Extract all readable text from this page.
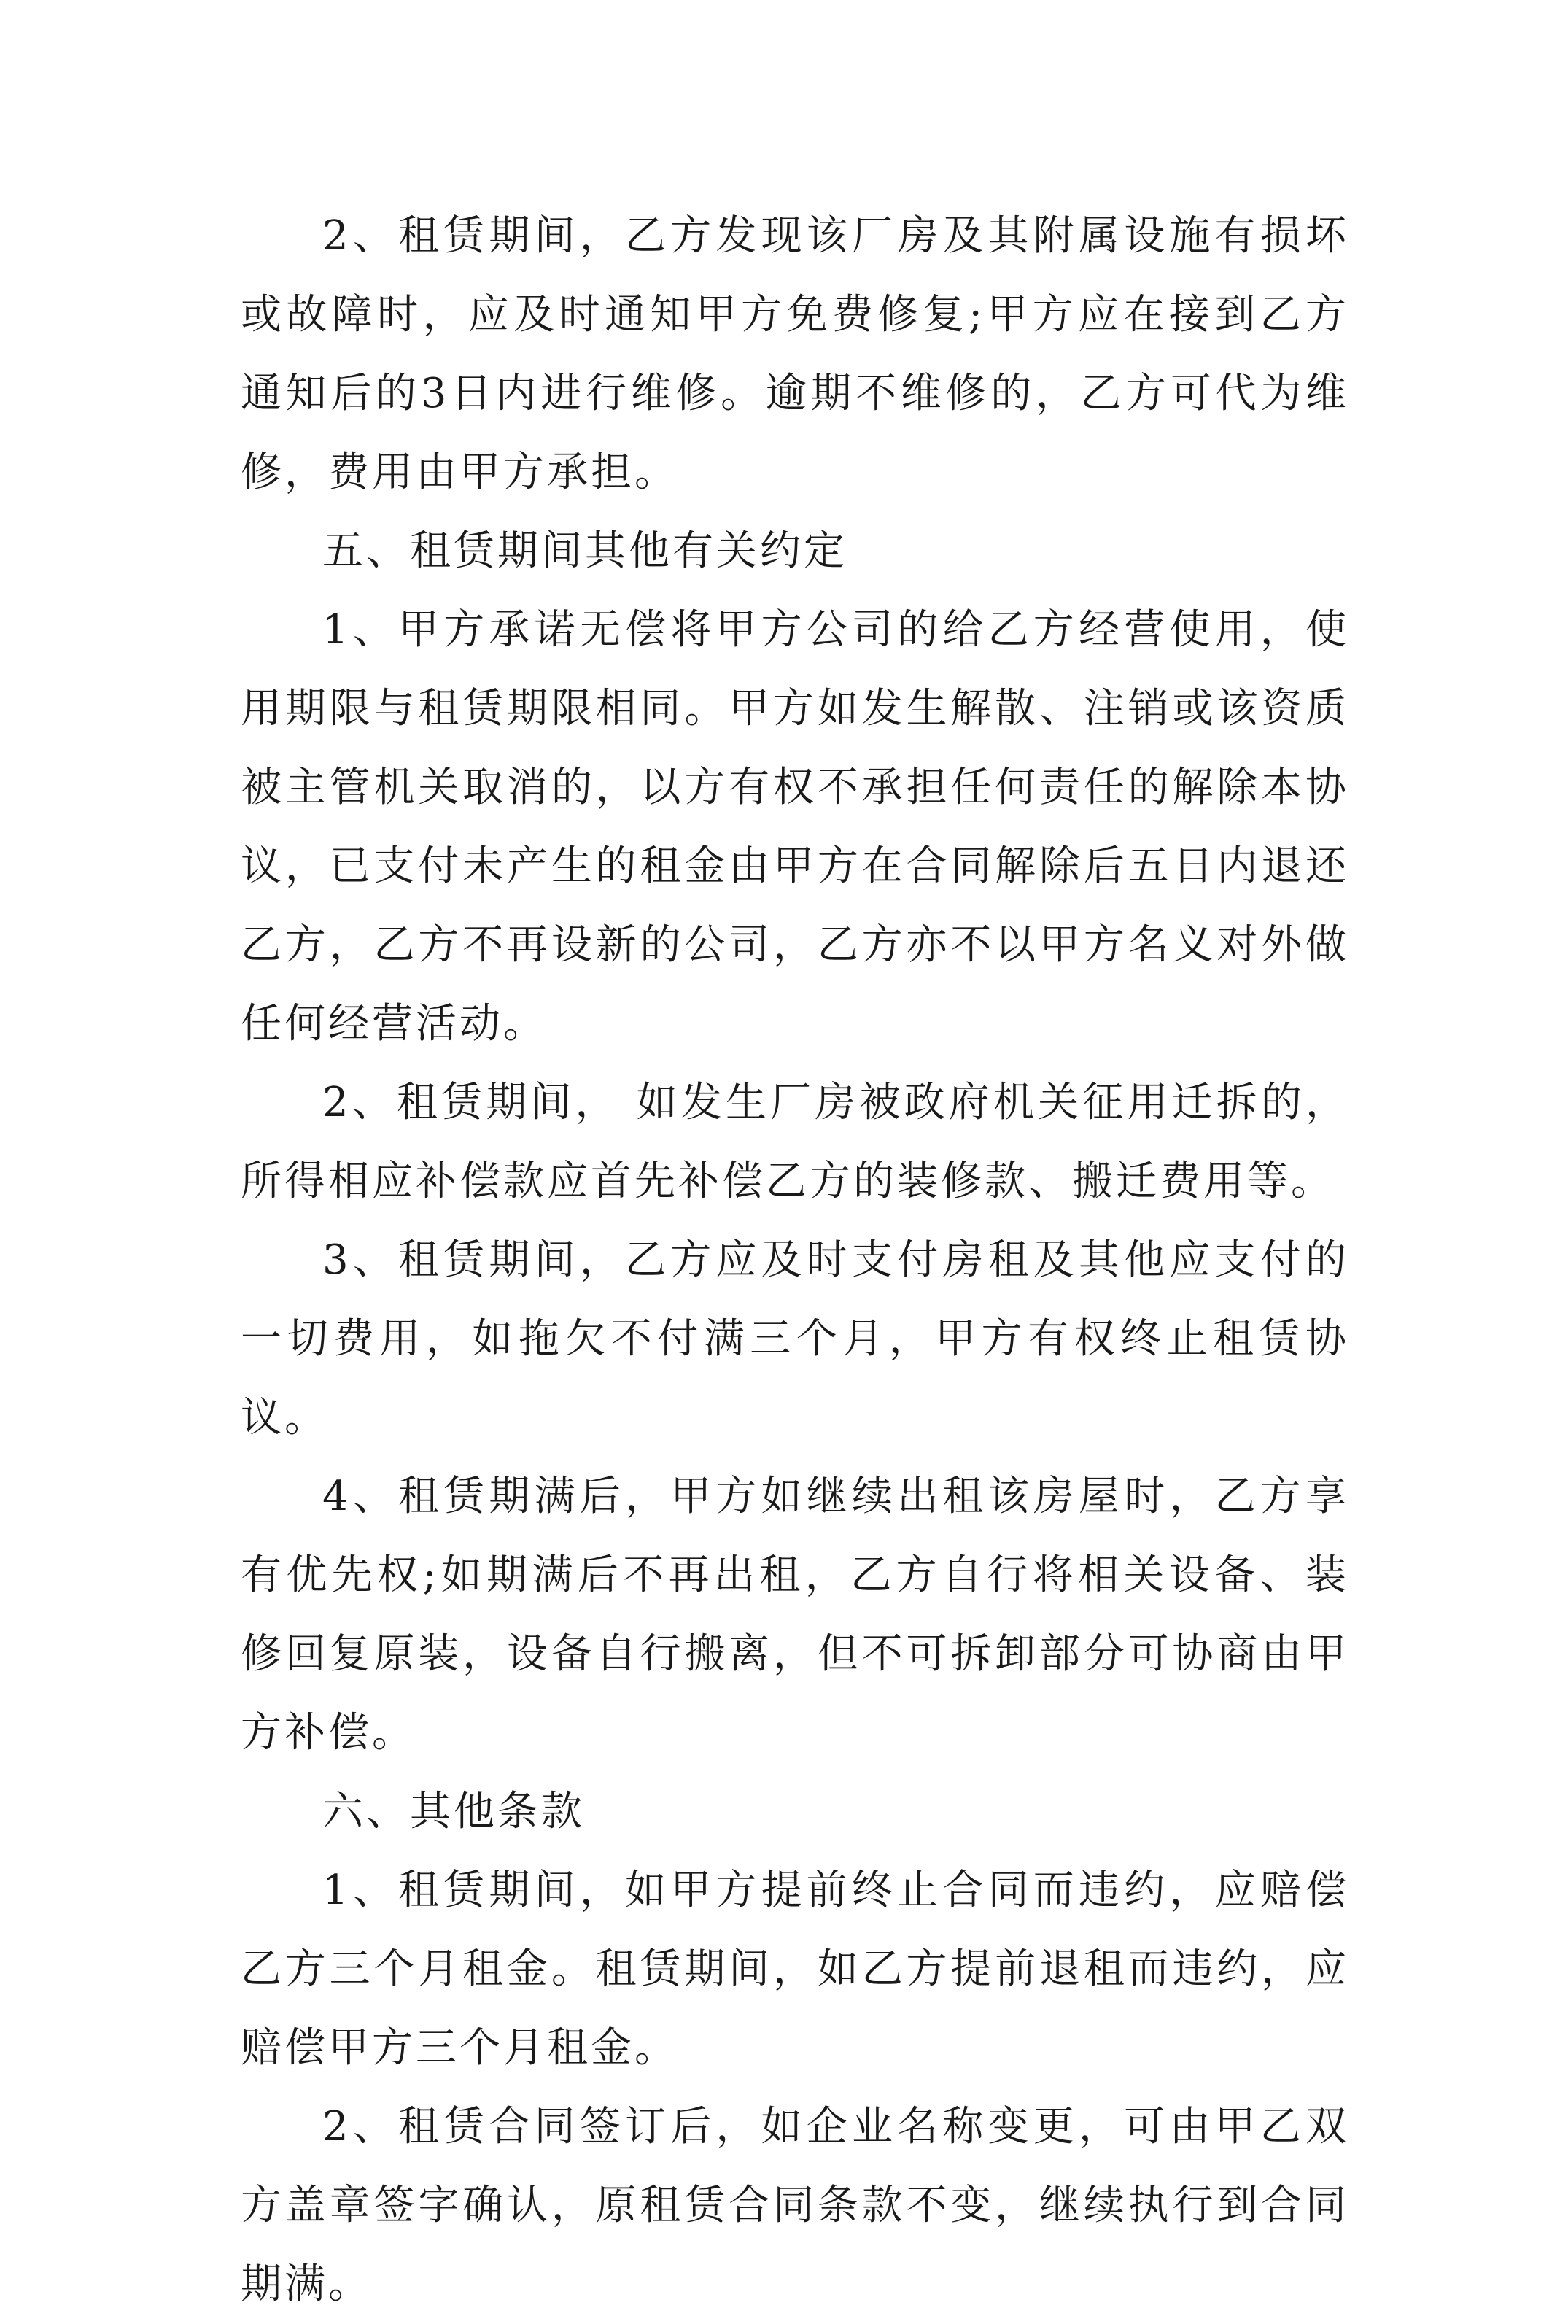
2、租赁期间，乙方发现该厂房及其附属设施有损坏或故障时，应及时通知甲方免费修复;甲方应在接到乙方通知后的3日内进行维修。逾期不维修的，乙方可代为维修，费用由甲方承担。

五、租赁期间其他有关约定

1、甲方承诺无偿将甲方公司的给乙方经营使用，使用期限与租赁期限相同。甲方如发生解散、注销或该资质被主管机关取消的，以方有权不承担任何责任的解除本协议，已支付未产生的租金由甲方在合同解除后五日内退还乙方，乙方不再设新的公司，乙方亦不以甲方名义对外做任何经营活动。

2、租赁期间， 如发生厂房被政府机关征用迁拆的，所得相应补偿款应首先补偿乙方的装修款、搬迁费用等。

3、租赁期间，乙方应及时支付房租及其他应支付的一切费用，如拖欠不付满三个月，甲方有权终止租赁协议。

4、租赁期满后，甲方如继续出租该房屋时，乙方享有优先权;如期满后不再出租，乙方自行将相关设备、装修回复原装，设备自行搬离，但不可拆卸部分可协商由甲方补偿。

六、其他条款

1、租赁期间，如甲方提前终止合同而违约，应赔偿乙方三个月租金。租赁期间，如乙方提前退租而违约，应赔偿甲方三个月租金。

2、租赁合同签订后，如企业名称变更，可由甲乙双方盖章签字确认，原租赁合同条款不变，继续执行到合同期满。
